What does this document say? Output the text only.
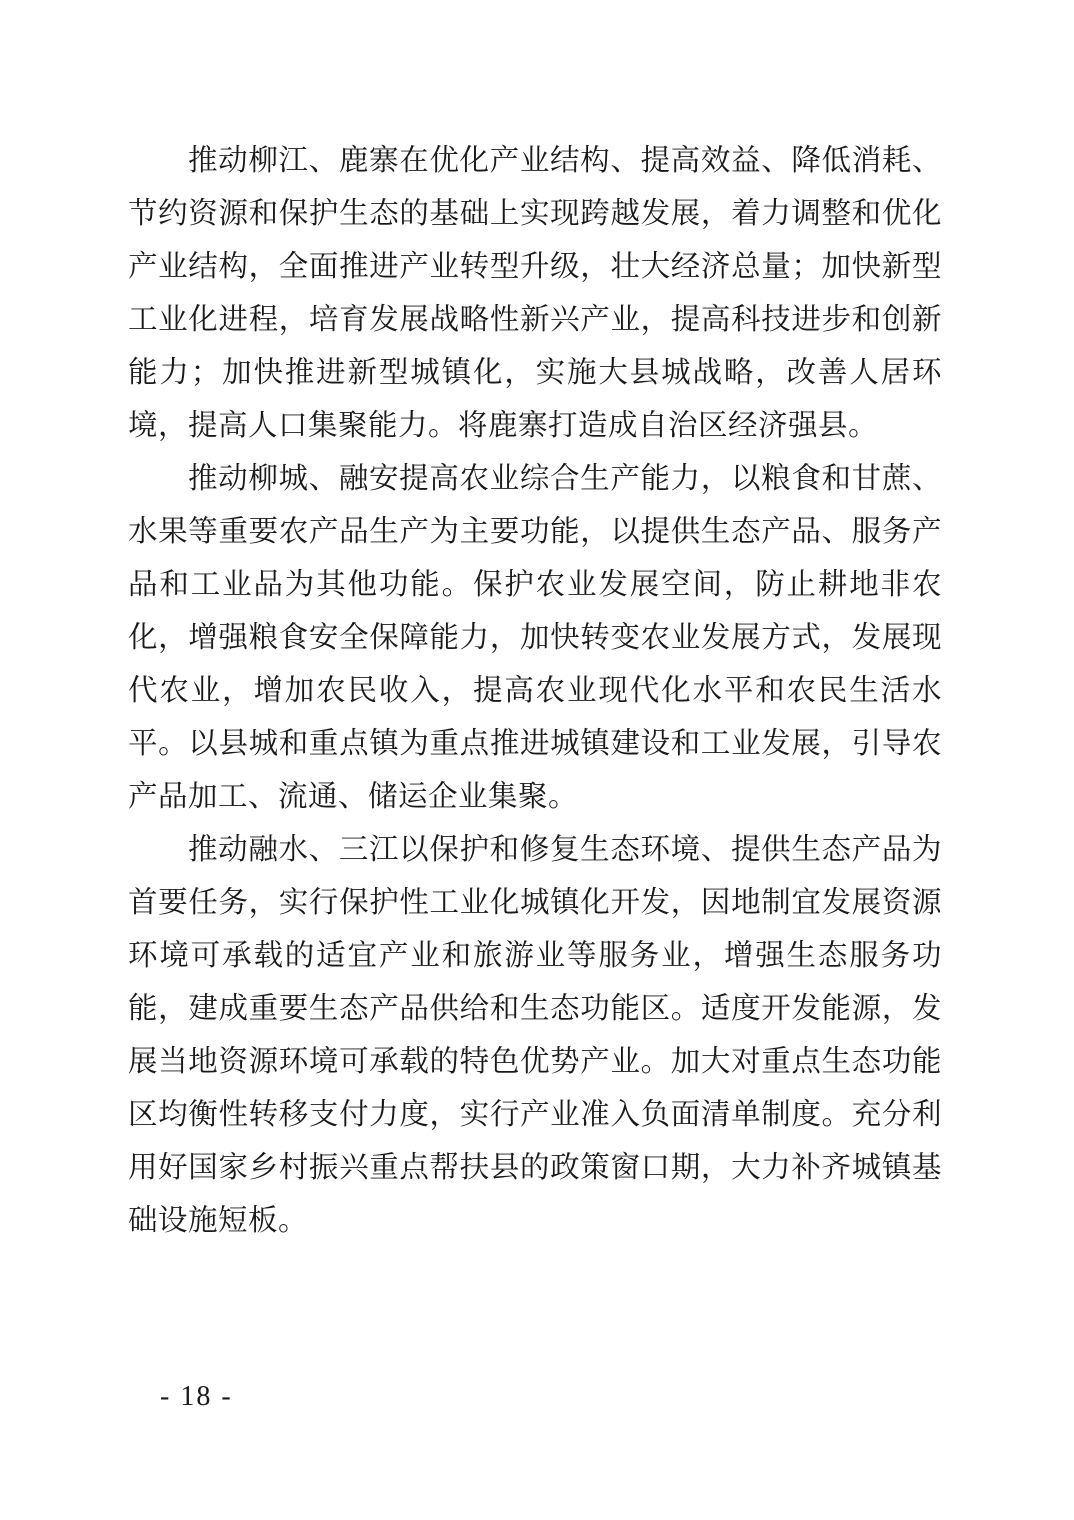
推动柳江、鹿寨在优化产业结构、提高效益、降低消耗、节约资源和保护生态的基础上实现跨越发展，着力调整和优化产业结构，全面推进产业转型升级，壮大经济总量；加快新型工业化进程，培育发展战略性新兴产业，提高科技进步和创新能力；加快推进新型城镇化，实施大县城战略，改善人居环境，提高人口集聚能力。将鹿寨打造成自治区经济强县。

推动柳城、融安提高农业综合生产能力，以粮食和甘蔗、水果等重要农产品生产为主要功能，以提供生态产品、服务产品和工业品为其他功能。保护农业发展空间，防止耕地非农化，增强粮食安全保障能力，加快转变农业发展方式，发展现代农业，增加农民收入，提高农业现代化水平和农民生活水平。以县城和重点镇为重点推进城镇建设和工业发展，引导农产品加工、流通、储运企业集聚。

推动融水、三江以保护和修复生态环境、提供生态产品为首要任务，实行保护性工业化城镇化开发，因地制宜发展资源环境可承载的适宜产业和旅游业等服务业，增强生态服务功能，建成重要生态产品供给和生态功能区。适度开发能源，发展当地资源环境可承载的特色优势产业。加大对重点生态功能区均衡性转移支付力度，实行产业准入负面清单制度。充分利用好国家乡村振兴重点帮扶县的政策窗口期，大力补齐城镇基础设施短板。

- 18 -
